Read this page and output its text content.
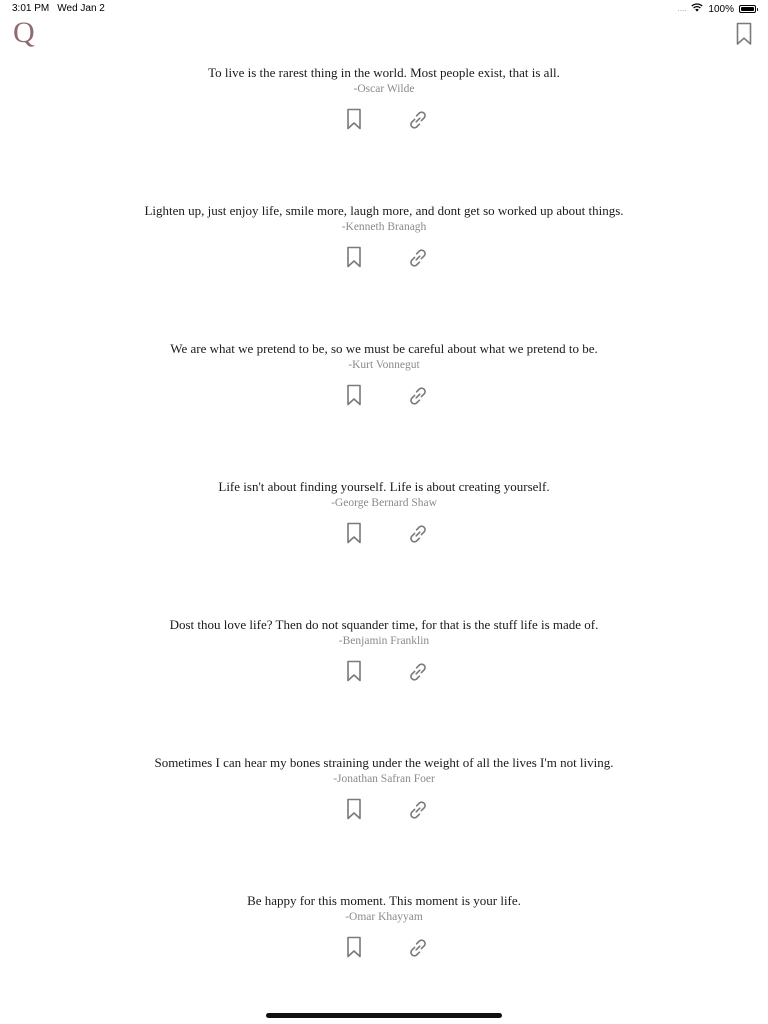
3:01 PM Wed Jan 2	.... 100%
Q
To live is the rarest thing in the world. Most people exist, that is all.
-Oscar Wilde
Lighten up, just enjoy life, smile more, laugh more, and dont get so worked up about things.
-Kenneth Branagh
We are what we pretend to be, so we must be careful about what we pretend to be.
-Kurt Vonnegut
Life isn't about finding yourself. Life is about creating yourself.
-George Bernard Shaw
Dost thou love life? Then do not squander time, for that is the stuff life is made of.
-Benjamin Franklin
Sometimes I can hear my bones straining under the weight of all the lives I'm not living.
-Jonathan Safran Foer
Be happy for this moment. This moment is your life.
-Omar Khayyam
